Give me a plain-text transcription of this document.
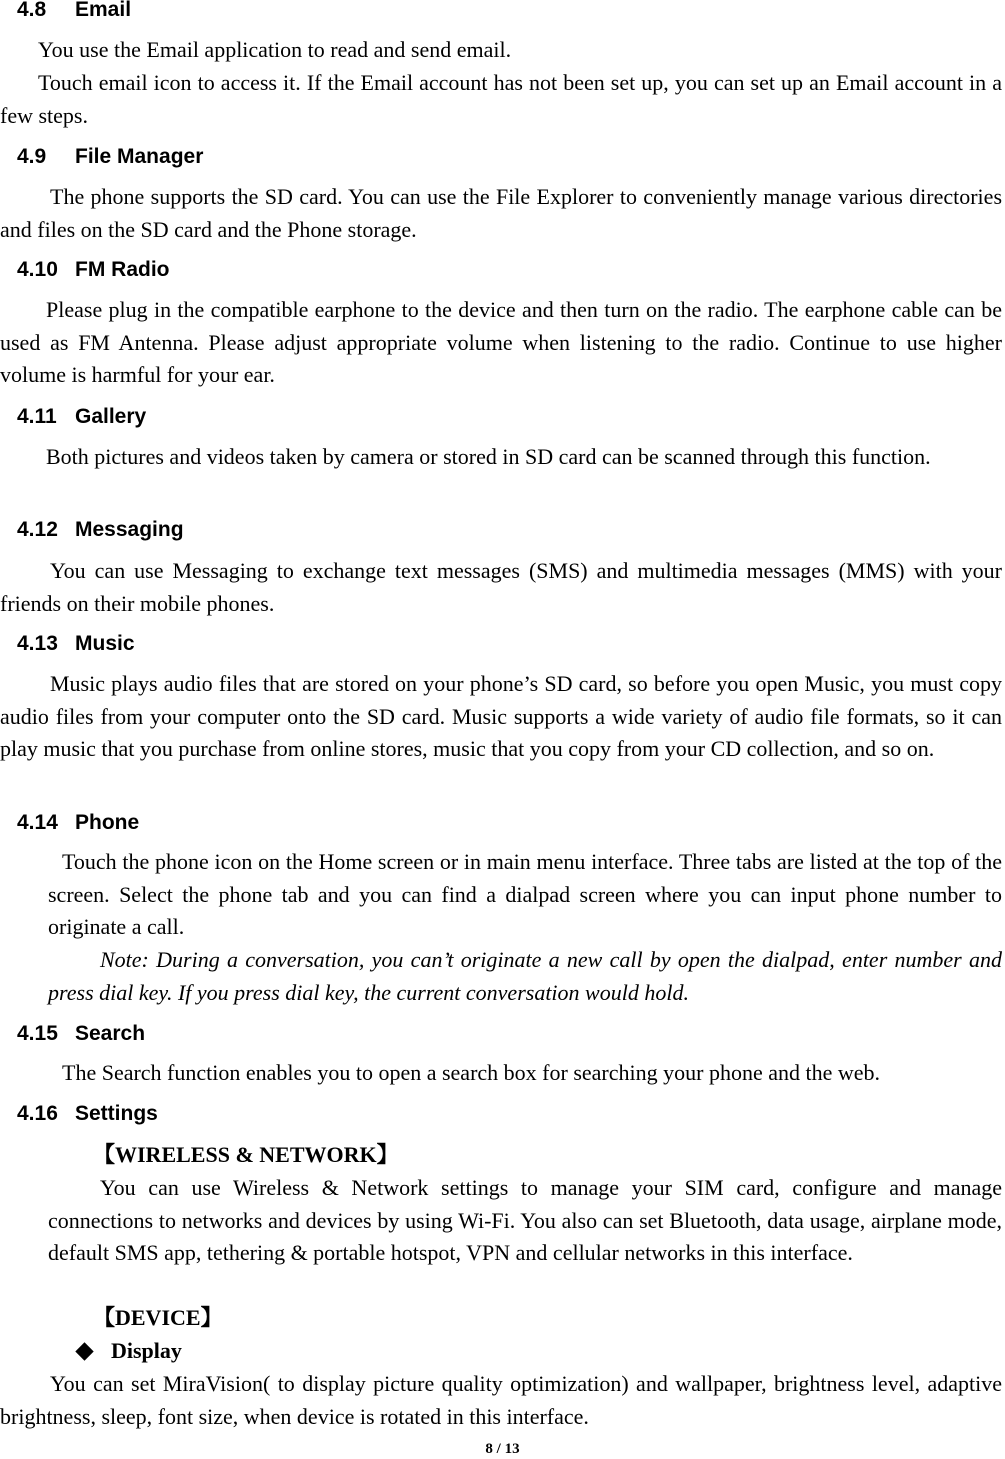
4.8 Email
You use the Email application to read and send email.
Touch email icon to access it. If the Email account has not been set up, you can set up an Email account in a few steps.
4.9 File Manager
The phone supports the SD card. You can use the File Explorer to conveniently manage various directories and files on the SD card and the Phone storage.
4.10 FM Radio
Please plug in the compatible earphone to the device and then turn on the radio. The earphone cable can be used as FM Antenna. Please adjust appropriate volume when listening to the radio. Continue to use higher volume is harmful for your ear.
4.11 Gallery
Both pictures and videos taken by camera or stored in SD card can be scanned through this function.
4.12 Messaging
You can use Messaging to exchange text messages (SMS) and multimedia messages (MMS) with your friends on their mobile phones.
4.13 Music
Music plays audio files that are stored on your phone’s SD card, so before you open Music, you must copy audio files from your computer onto the SD card. Music supports a wide variety of audio file formats, so it can play music that you purchase from online stores, music that you copy from your CD collection, and so on.
4.14 Phone
Touch the phone icon on the Home screen or in main menu interface. Three tabs are listed at the top of the screen. Select the phone tab and you can find a dialpad screen where you can input phone number to originate a call.
Note: During a conversation, you can’t originate a new call by open the dialpad, enter number and press dial key. If you press dial key, the current conversation would hold.
4.15 Search
The Search function enables you to open a search box for searching your phone and the web.
4.16 Settings
【WIRELESS & NETWORK】
You can use Wireless & Network settings to manage your SIM card, configure and manage connections to networks and devices by using Wi-Fi. You also can set Bluetooth, data usage, airplane mode, default SMS app, tethering & portable hotspot, VPN and cellular networks in this interface.
【DEVICE】
Display
You can set MiraVision( to display picture quality optimization) and wallpaper, brightness level, adaptive brightness, sleep, font size, when device is rotated in this interface.
8 / 13
